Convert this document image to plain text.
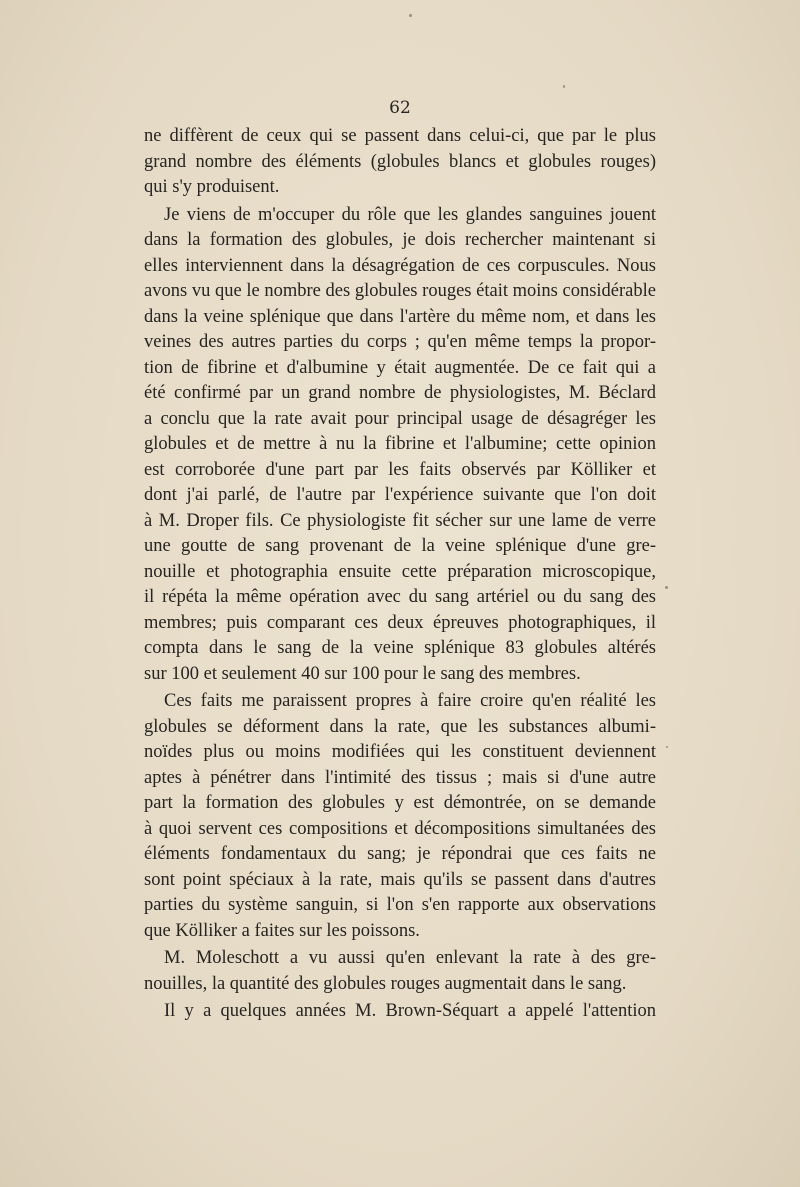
62
ne diffèrent de ceux qui se passent dans celui-ci, que par le plus
grand nombre des éléments (globules blancs et globules rouges)
qui s'y produisent.
Je viens de m'occuper du rôle que les glandes sanguines jouent
dans la formation des globules, je dois rechercher maintenant si
elles interviennent dans la désagrégation de ces corpuscules. Nous
avons vu que le nombre des globules rouges était moins considérable
dans la veine splénique que dans l'artère du même nom, et dans les
veines des autres parties du corps ; qu'en même temps la propor-
tion de fibrine et d'albumine y était augmentée. De ce fait qui a
été confirmé par un grand nombre de physiologistes, M. Béclard
a conclu que la rate avait pour principal usage de désagréger les
globules et de mettre à nu la fibrine et l'albumine; cette opinion
est corroborée d'une part par les faits observés par Kölliker et
dont j'ai parlé, de l'autre par l'expérience suivante que l'on doit
à M. Droper fils. Ce physiologiste fit sécher sur une lame de verre
une goutte de sang provenant de la veine splénique d'une gre-
nouille et photographia ensuite cette préparation microscopique,
il répéta la même opération avec du sang artériel ou du sang des
membres; puis comparant ces deux épreuves photographiques, il
compta dans le sang de la veine splénique 83 globules altérés
sur 100 et seulement 40 sur 100 pour le sang des membres.
Ces faits me paraissent propres à faire croire qu'en réalité les
globules se déforment dans la rate, que les substances albumi-
noïdes plus ou moins modifiées qui les constituent deviennent
aptes à pénétrer dans l'intimité des tissus ; mais si d'une autre
part la formation des globules y est démontrée, on se demande
à quoi servent ces compositions et décompositions simultanées des
éléments fondamentaux du sang; je répondrai que ces faits ne
sont point spéciaux à la rate, mais qu'ils se passent dans d'autres
parties du système sanguin, si l'on s'en rapporte aux observations
que Kölliker a faites sur les poissons.
M. Moleschott a vu aussi qu'en enlevant la rate à des gre-
nouilles, la quantité des globules rouges augmentait dans le sang.
Il y a quelques années M. Brown-Séquart a appelé l'attention
